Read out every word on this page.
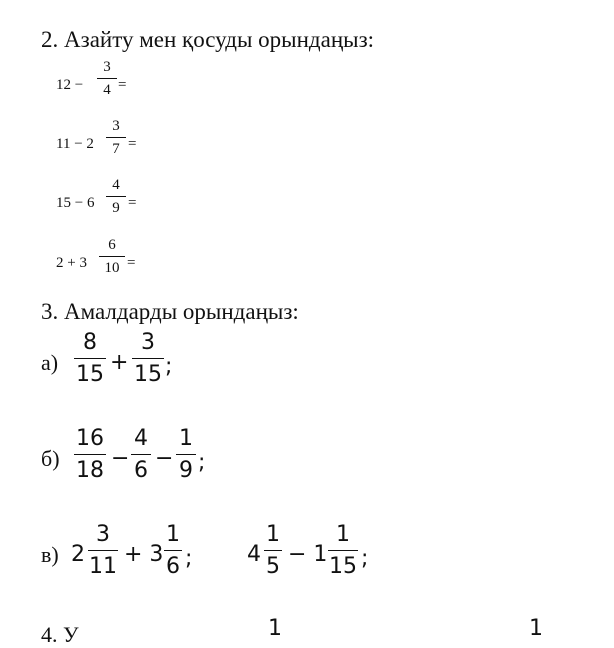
2. Азайту мен қосуды орындаңыз:
12 −
3
4 =
11 − 2
3
7 =
15 − 6
4
9 =
2 + 3
6
10 =
3. Амалдарды орындаңыз:
а)
8
15 +
3
15 ;
б)
16
18 −
4
6 −
1
9 ;
в) 2
3
11 + 3
1
6 ; 4
1
5 − 1
1
15 ;
4. У	1	1
